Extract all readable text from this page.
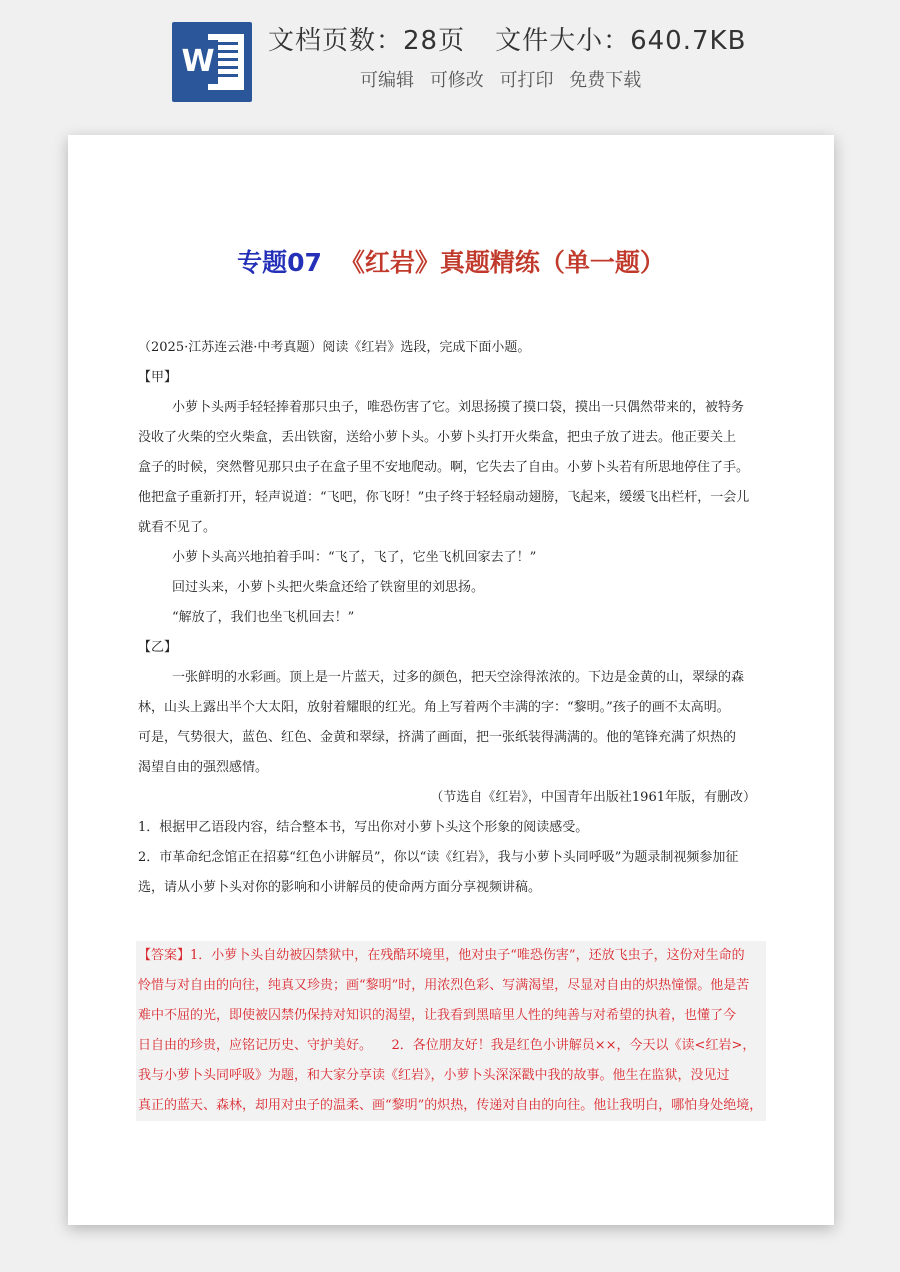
W
文档页数：28页 文件大小：640.7KB
可编辑 可修改 可打印 免费下载
专题07 《红岩》真题精练（单一题）
（2025·江苏连云港·中考真题）阅读《红岩》选段，完成下面小题。
【甲】
小萝卜头两手轻轻捧着那只虫子，唯恐伤害了它。刘思扬摸了摸口袋，摸出一只偶然带来的，被特务
没收了火柴的空火柴盒，丢出铁窗，送给小萝卜头。小萝卜头打开火柴盒，把虫子放了进去。他正要关上
盒子的时候，突然瞥见那只虫子在盒子里不安地爬动。啊，它失去了自由。小萝卜头若有所思地停住了手。
他把盒子重新打开，轻声说道：“飞吧，你飞呀！”虫子终于轻轻扇动翅膀，飞起来，缓缓飞出栏杆，一会儿
就看不见了。
小萝卜头高兴地拍着手叫：“飞了，飞了，它坐飞机回家去了！”
回过头来，小萝卜头把火柴盒还给了铁窗里的刘思扬。
“解放了，我们也坐飞机回去！”
【乙】
一张鲜明的水彩画。顶上是一片蓝天，过多的颜色，把天空涂得浓浓的。下边是金黄的山，翠绿的森
林，山头上露出半个大太阳，放射着耀眼的红光。角上写着两个丰满的字：“黎明。”孩子的画不太高明。
可是，气势很大，蓝色、红色、金黄和翠绿，挤满了画面，把一张纸装得满满的。他的笔锋充满了炽热的
渴望自由的强烈感情。
（节选自《红岩》，中国青年出版社1961年版，有删改）
1．根据甲乙语段内容，结合整本书，写出你对小萝卜头这个形象的阅读感受。
2．市革命纪念馆正在招募“红色小讲解员”，你以“读《红岩》，我与小萝卜头同呼吸”为题录制视频参加征
选，请从小萝卜头对你的影响和小讲解员的使命两方面分享视频讲稿。
【答案】1．小萝卜头自幼被囚禁狱中，在残酷环境里，他对虫子“唯恐伤害”，还放飞虫子，这份对生命的
怜惜与对自由的向往，纯真又珍贵；画“黎明”时，用浓烈色彩、写满渴望，尽显对自由的炽热憧憬。他是苦
难中不屈的光，即使被囚禁仍保持对知识的渴望，让我看到黑暗里人性的纯善与对希望的执着，也懂了今
日自由的珍贵，应铭记历史、守护美好。　　2．各位朋友好！我是红色小讲解员××，今天以《读<红岩>，
我与小萝卜头同呼吸》为题，和大家分享读《红岩》，小萝卜头深深戳中我的故事。他生在监狱，没见过
真正的蓝天、森林，却用对虫子的温柔、画“黎明”的炽热，传递对自由的向往。他让我明白，哪怕身处绝境，
